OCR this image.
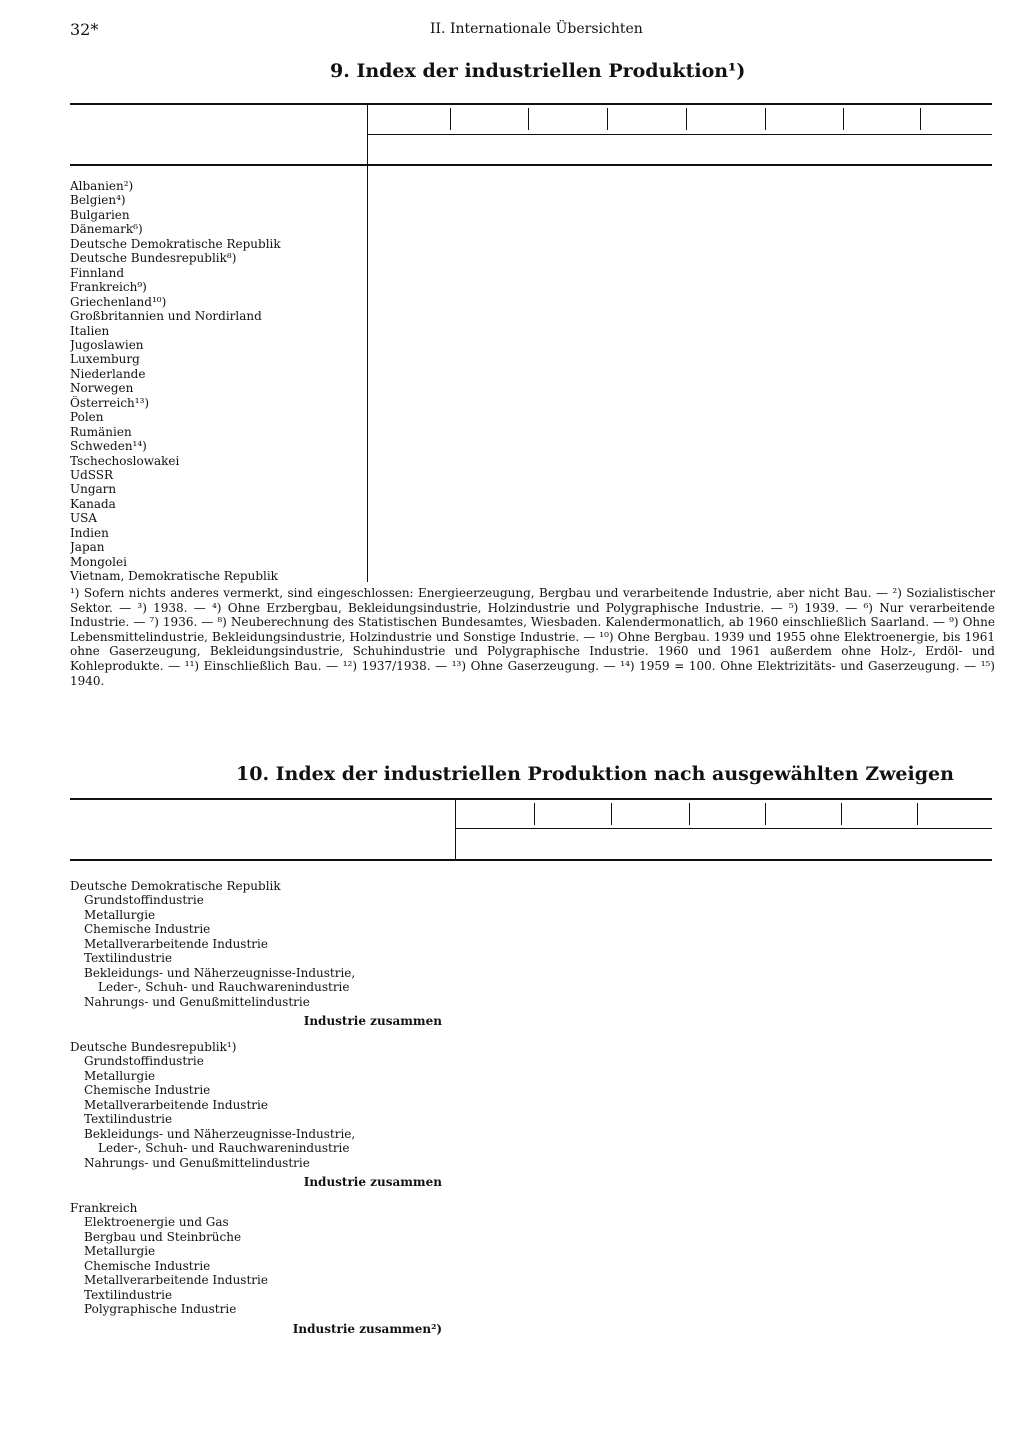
32*	II. Internationale Übersichten
9. Index der industriellen Produktion¹)
Albanien²)
Belgien⁴)
Bulgarien
Dänemark⁶)
Deutsche Demokratische Republik
Deutsche Bundesrepublik⁸)
Finnland
Frankreich⁹)
Griechenland¹⁰)
Großbritannien und Nordirland
Italien
Jugoslawien
Luxemburg
Niederlande
Norwegen
Österreich¹³)
Polen
Rumänien
Schweden¹⁴)
Tschechoslowakei
UdSSR
Ungarn
Kanada
USA
Indien
Japan
Mongolei
Vietnam, Demokratische Republik

¹) Sofern nichts anderes vermerkt, sind eingeschlossen: Energieerzeugung, Bergbau und verarbeitende Industrie, aber nicht Bau. — ²) Sozialistischer Sektor. — ³) 1938. — ⁴) Ohne Erzbergbau, Bekleidungsindustrie, Holzindustrie und Polygraphische Industrie. — ⁵) 1939. — ⁶) Nur verarbeitende Industrie. — ⁷) 1936. — ⁸) Neuberechnung des Statistischen Bundesamtes, Wiesbaden. Kalendermonatlich, ab 1960 einschließlich Saarland. — ⁹) Ohne Lebensmittelindustrie, Bekleidungsindustrie, Holzindustrie und Sonstige Industrie. — ¹⁰) Ohne Bergbau. 1939 und 1955 ohne Elektroenergie, bis 1961 ohne Gaserzeugung, Bekleidungsindustrie, Schuhindustrie und Polygraphische Industrie. 1960 und 1961 außerdem ohne Holz-, Erdöl- und Kohleprodukte. — ¹¹) Einschließlich Bau. — ¹²) 1937/1938. — ¹³) Ohne Gaserzeugung. — ¹⁴) 1959 = 100. Ohne Elektrizitäts- und Gaserzeugung. — ¹⁵) 1940.

10. Index der industriellen Produktion nach ausgewählten Zweigen
Deutsche Demokratische Republik
Grundstoffindustrie
Metallurgie
Chemische Industrie
Metallverarbeitende Industrie
Textilindustrie
Bekleidungs- und Näherzeugnisse-Industrie,
Leder-, Schuh- und Rauchwarenindustrie
Nahrungs- und Genußmittelindustrie
Industrie zusammen
Deutsche Bundesrepublik¹)
Grundstoffindustrie
Metallurgie
Chemische Industrie
Metallverarbeitende Industrie
Textilindustrie
Bekleidungs- und Näherzeugnisse-Industrie,
Leder-, Schuh- und Rauchwarenindustrie
Nahrungs- und Genußmittelindustrie
Industrie zusammen
Frankreich
Elektroenergie und Gas
Bergbau und Steinbrüche
Metallurgie
Chemische Industrie
Metallverarbeitende Industrie
Textilindustrie
Polygraphische Industrie
Industrie zusammen²)
